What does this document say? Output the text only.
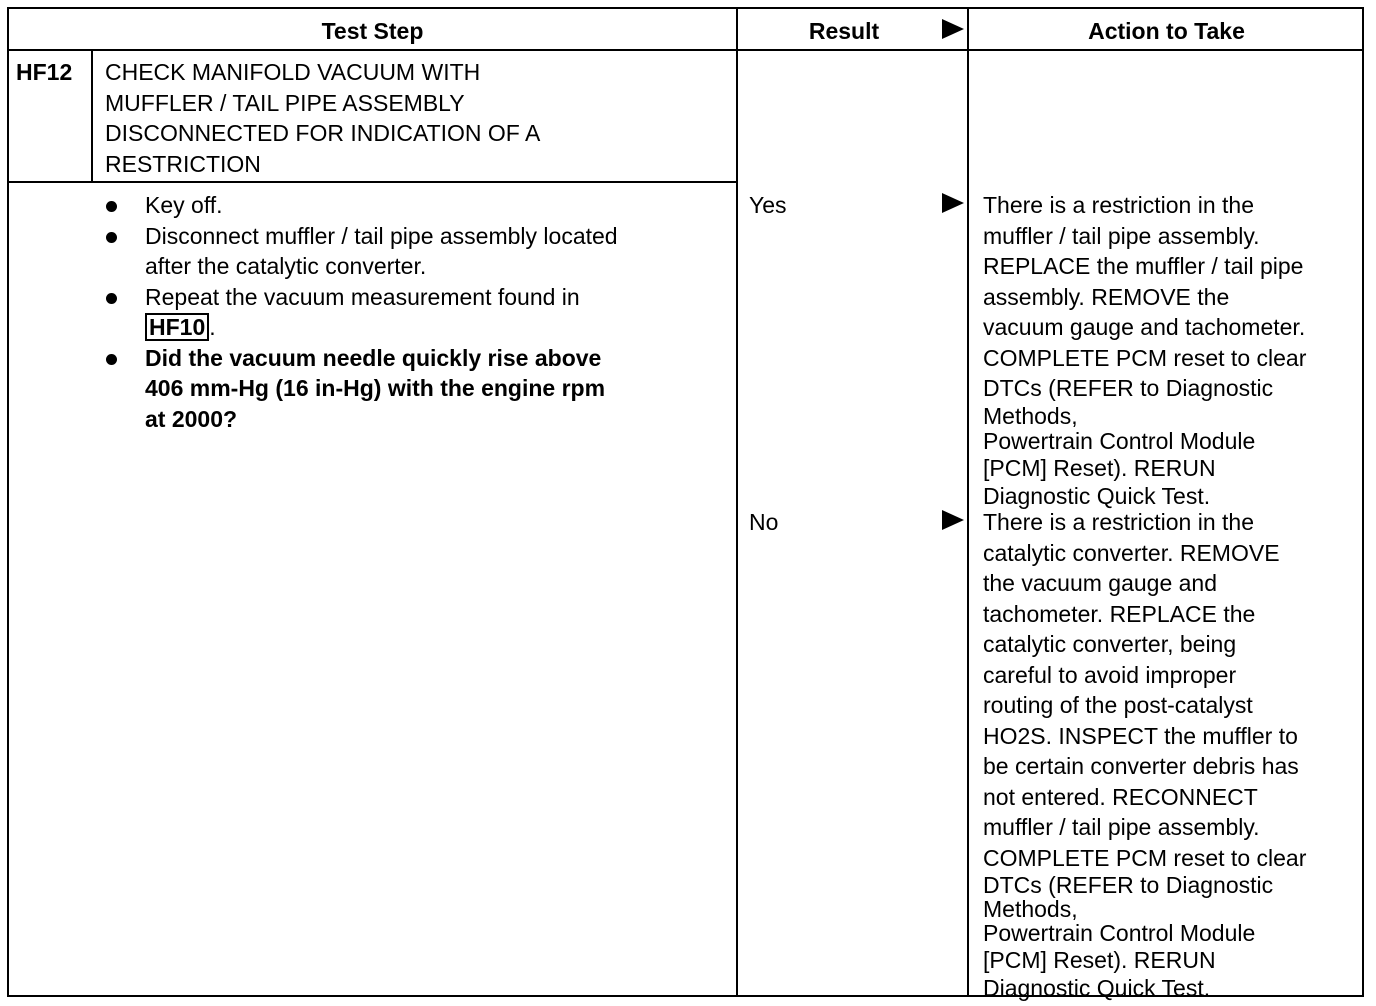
Test Step	Result	Action to Take
HF12 CHECK MANIFOLD VACUUM WITH
MUFFLER / TAIL PIPE ASSEMBLY
DISCONNECTED FOR INDICATION OF A
RESTRICTION
Key off.
Disconnect muffler / tail pipe assembly located
after the catalytic converter.
Repeat the vacuum measurement found in
HF10 .
Did the vacuum needle quickly rise above
406 mm-Hg (16 in-Hg) with the engine rpm
at 2000?
Yes
No
There is a restriction in the
muffler / tail pipe assembly.
REPLACE the muffler / tail pipe
assembly. REMOVE the
vacuum gauge and tachometer.
COMPLETE PCM reset to clear
DTCs (REFER to Diagnostic
Methods,
Powertrain Control Module
[PCM] Reset). RERUN
Diagnostic Quick Test.
There is a restriction in the
catalytic converter. REMOVE
the vacuum gauge and
tachometer. REPLACE the
catalytic converter, being
careful to avoid improper
routing of the post-catalyst
HO2S. INSPECT the muffler to
be certain converter debris has
not entered. RECONNECT
muffler / tail pipe assembly.
COMPLETE PCM reset to clear
DTCs (REFER to Diagnostic
Methods,
Powertrain Control Module
[PCM] Reset). RERUN
Diagnostic Quick Test.
